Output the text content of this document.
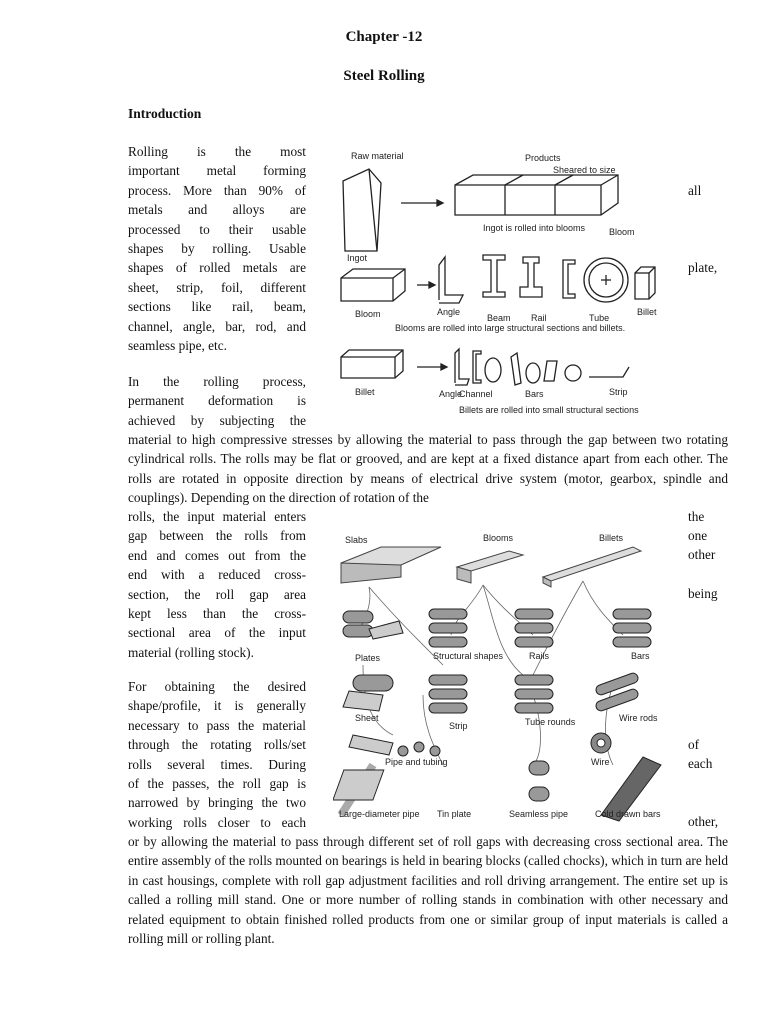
Chapter -12
Steel Rolling
Introduction
Rolling is the most
important metal forming
process. More than 90% of
metals and alloys are
processed to their usable
shapes by rolling. Usable
shapes of rolled metals are
sheet, strip, foil, different
sections like rail, beam,
channel, angle, bar, rod, and
seamless pipe, etc.
all
plate,
Raw material	Products
Sheared to size
Ingot
Ingot is rolled into blooms	Bloom
Bloom	Angle
Beam Rail	Tube
Billet
Blooms are rolled into large structural sections and billets.
Billet	Angle
Channel	Bars	Strip
Billets are rolled into small structural sections
In the rolling process,
permanent deformation is
achieved by subjecting the
material to high compressive stresses by allowing the material to pass through the gap between two rotating cylindrical rolls. The rolls may be flat or grooved, and are kept at a fixed distance apart from each other. The rolls are rotated in opposite direction by means of electrical drive system (motor, gearbox, spindle and couplings). Depending on the direction of rotation of the
rolls, the input material enters
gap between the rolls from
end and comes out from the
end with a reduced cross-
section, the roll gap area
kept less than the cross-
sectional area of the input
material (rolling stock).
the
one
other
being
Slabs	Blooms	Billets
Plates	Structural shapes	Rails	Bars
Sheet
Strip	Tube rounds	Wire rods
Pipe and tubing	Wire
Large-diameter pipe Tin plate	Seamless pipe	Cold drawn bars
For obtaining the desired
shape/profile, it is generally
necessary to pass the material
through the rotating rolls/set
rolls several times. During
of the passes, the roll gap is
narrowed by bringing the two
working rolls closer to each
of
each
other,
or by allowing the material to pass through different set of roll gaps with decreasing cross sectional area. The entire assembly of the rolls mounted on bearings is held in bearing blocks (called chocks), which in turn are held in cast housings, complete with roll gap adjustment facilities and roll driving arrangement. The entire set up is called a rolling mill stand. One or more number of rolling stands in combination with other necessary and related equipment to obtain finished rolled products from one or similar group of input materials is called a rolling mill or rolling plant.
